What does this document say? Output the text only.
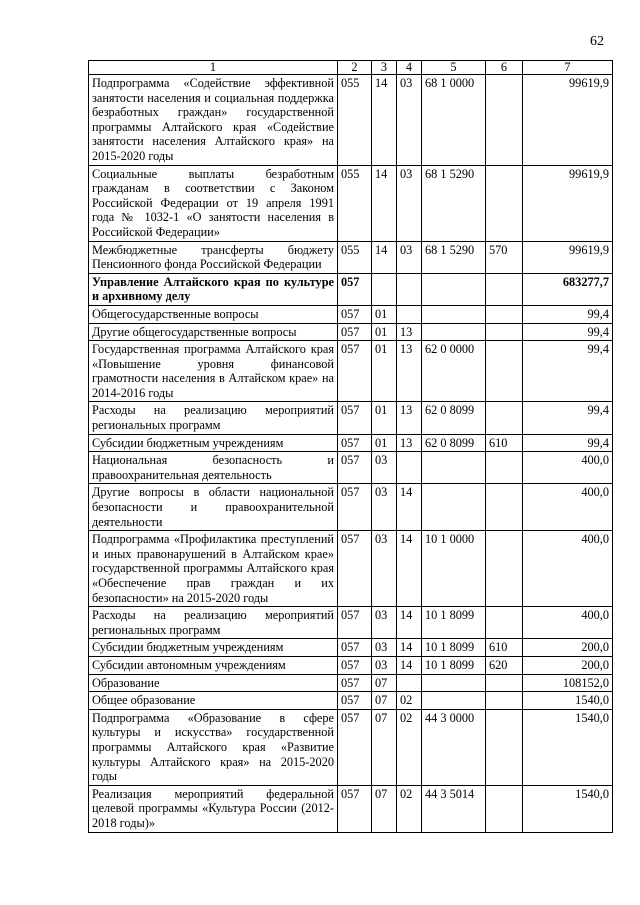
62
1	2	3	4	5	6	7
Подпрограмма «Содействие эффективной занятости населения и социальная поддержка безработных граждан» государственной программы Алтайского края «Содействие занятости населения Алтайского края» на 2015-2020 годы	055	14	03	68 1 0000		99619,9
Социальные выплаты безработным гражданам в соответствии с Законом Российской Федерации от 19 апреля 1991 года № 1032-1 «О занятости населения в Российской Федерации»	055	14	03	68 1 5290		99619,9
Межбюджетные трансферты бюджету Пенсионного фонда Российской Федерации	055	14	03	68 1 5290	570	99619,9
Управление Алтайского края по культуре и архивному делу	057					683277,7
Общегосударственные вопросы	057	01				99,4
Другие общегосударственные вопросы	057	01	13			99,4
Государственная программа Алтайского края «Повышение уровня финансовой грамотности населения в Алтайском крае» на 2014-2016 годы	057	01	13	62 0 0000		99,4
Расходы на реализацию мероприятий региональных программ	057	01	13	62 0 8099		99,4
Субсидии бюджетным учреждениям	057	01	13	62 0 8099	610	99,4
Национальная безопасность и правоохранительная деятельность	057	03				400,0
Другие вопросы в области национальной безопасности и правоохранительной деятельности	057	03	14			400,0
Подпрограмма «Профилактика преступлений и иных правонарушений в Алтайском крае» государственной программы Алтайского края «Обеспечение прав граждан и их безопасности» на 2015-2020 годы	057	03	14	10 1 0000		400,0
Расходы на реализацию мероприятий региональных программ	057	03	14	10 1 8099		400,0
Субсидии бюджетным учреждениям	057	03	14	10 1 8099	610	200,0
Субсидии автономным учреждениям	057	03	14	10 1 8099	620	200,0
Образование	057	07				108152,0
Общее образование	057	07	02			1540,0
Подпрограмма «Образование в сфере культуры и искусства» государственной программы Алтайского края «Развитие культуры Алтайского края» на 2015-2020 годы	057	07	02	44 3 0000		1540,0
Реализация мероприятий федеральной целевой программы «Культура России (2012-2018 годы)»	057	07	02	44 3 5014		1540,0
